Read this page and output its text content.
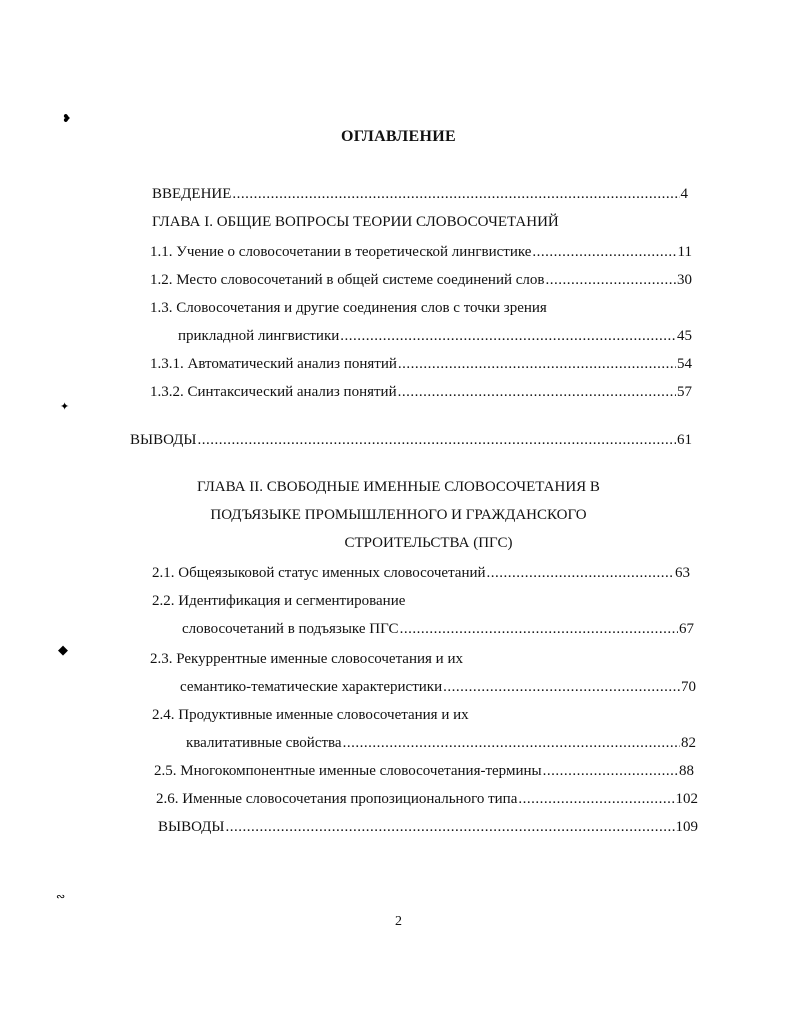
❥
✦
◆
∾
ОГЛАВЛЕНИЕ
ВВЕДЕНИЕ .....	4
ГЛАВА I. ОБЩИЕ ВОПРОСЫ ТЕОРИИ СЛОВОСОЧЕТАНИЙ
1.1. Учение о словосочетании в теоретической лингвистике .....	11
1.2. Место словосочетаний в общей системе соединений слов .....	30
1.3. Словосочетания и другие соединения слов с точки зрения
прикладной лингвистики .....	45
1.3.1. Автоматический анализ понятий .....	54
1.3.2. Синтаксический анализ понятий .....	57
ВЫВОДЫ .....	61
ГЛАВА II. СВОБОДНЫЕ ИМЕННЫЕ СЛОВОСОЧЕТАНИЯ В
ПОДЪЯЗЫКЕ ПРОМЫШЛЕННОГО И ГРАЖДАНСКОГО
СТРОИТЕЛЬСТВА (ПГС)
2.1. Общеязыковой статус именных словосочетаний .....	63
2.2. Идентификация и сегментирование
словосочетаний в подъязыке ПГС .....	67
2.3. Рекуррентные именные словосочетания и их
семантико-тематические характеристики .....	70
2.4. Продуктивные именные словосочетания и их
квалитативные свойства .....	82
2.5. Многокомпонентные именные словосочетания-термины .....	88
2.6. Именные словосочетания пропозиционального типа .....	102
ВЫВОДЫ .....	109
2
